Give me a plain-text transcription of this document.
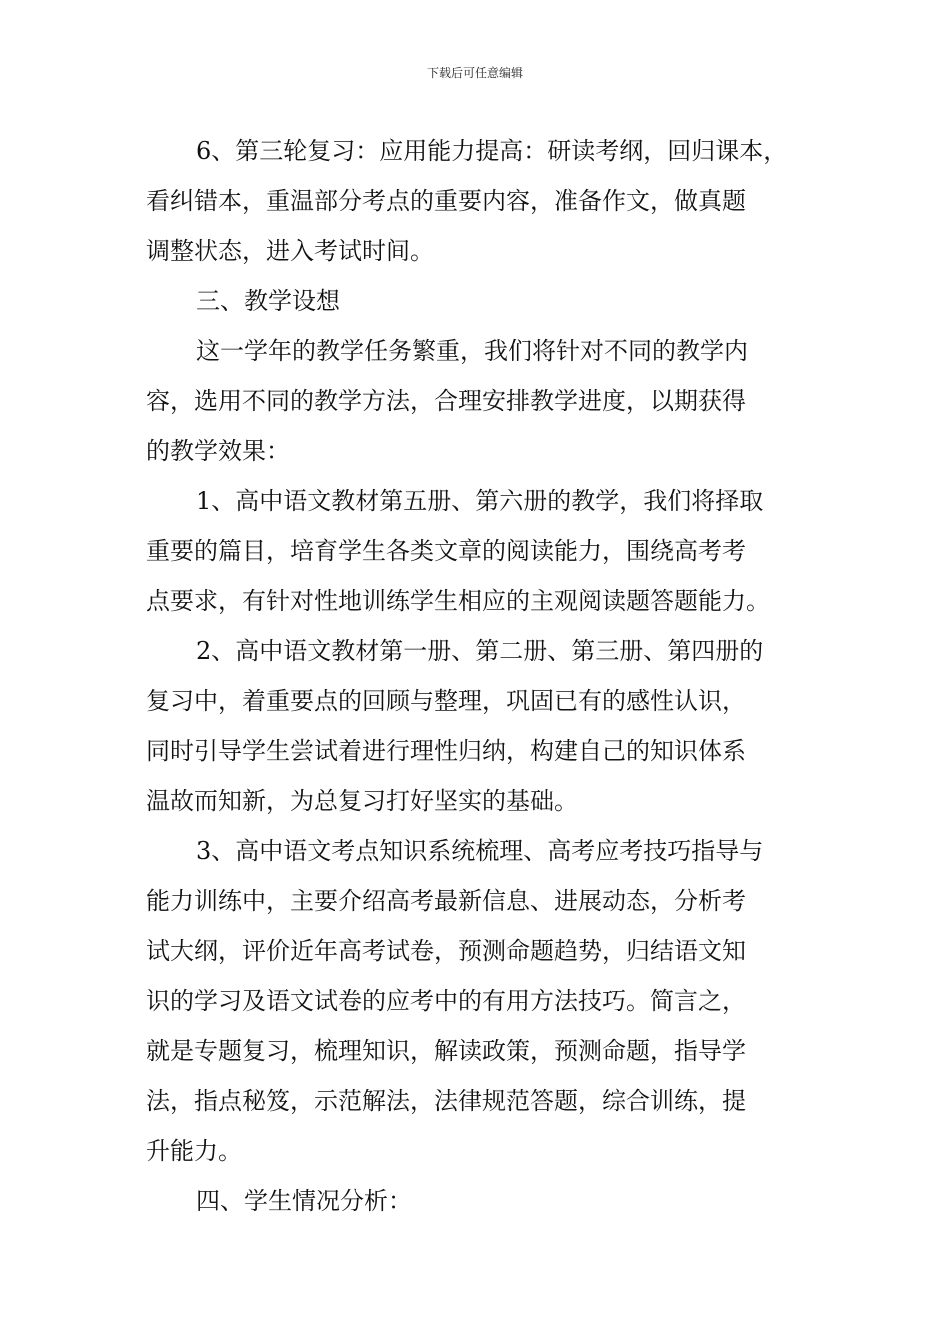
下载后可任意编辑
6、第三轮复习：应用能力提高：研读考纲，回归课本，
看纠错本，重温部分考点的重要内容，准备作文，做真题
调整状态，进入考试时间。
三、教学设想
这一学年的教学任务繁重，我们将针对不同的教学内
容，选用不同的教学方法，合理安排教学进度，以期获得
的教学效果：
1、高中语文教材第五册、第六册的教学，我们将择取
重要的篇目，培育学生各类文章的阅读能力，围绕高考考
点要求，有针对性地训练学生相应的主观阅读题答题能力。
2、高中语文教材第一册、第二册、第三册、第四册的
复习中，着重要点的回顾与整理，巩固已有的感性认识，
同时引导学生尝试着进行理性归纳，构建自己的知识体系
温故而知新，为总复习打好坚实的基础。
3、高中语文考点知识系统梳理、高考应考技巧指导与
能力训练中，主要介绍高考最新信息、进展动态，分析考
试大纲，评价近年高考试卷，预测命题趋势，归结语文知
识的学习及语文试卷的应考中的有用方法技巧。简言之，
就是专题复习，梳理知识，解读政策，预测命题，指导学
法，指点秘笈，示范解法，法律规范答题，综合训练，提
升能力。
四、学生情况分析：
